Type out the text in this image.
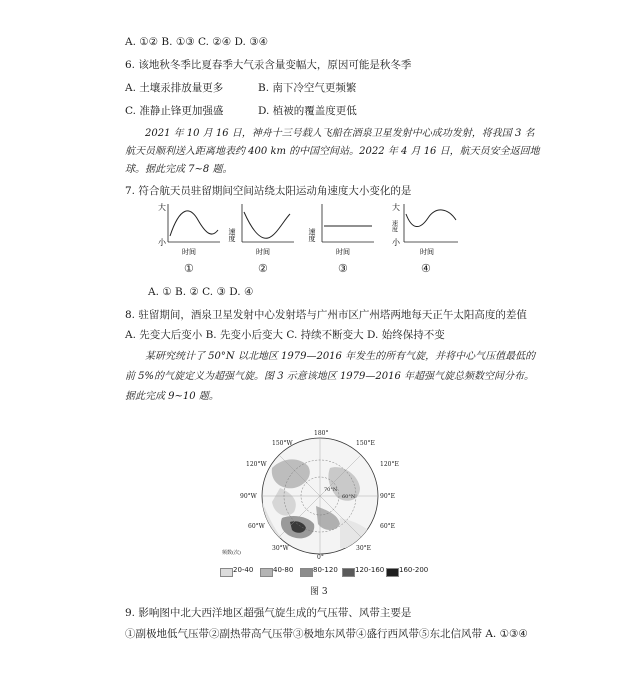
A. ①② B. ①③ C. ②④ D. ③④
6. 该地秋冬季比夏春季大气汞含量变幅大，原因可能是秋冬季
A. 土壤汞排放量更多	B. 南下冷空气更频繁
C. 准静止锋更加强盛	D. 植被的覆盖度更低
2021 年 10 月 16 日，神舟十三号载人飞船在酒泉卫星发射中心成功发射，将我国 3 名
航天员顺利送入距离地表约 400 km 的中国空间站。2022 年 4 月 16 日，航天员安全返回地
球。据此完成 7~8 题。
7. 符合航天员驻留期间空间站绕太阳运动角速度大小变化的是
大
小
时间
速度
时间
速度
时间
大
小
速度
时间
①	②	③	④
A. ① B. ② C. ③ D. ④
8. 驻留期间，酒泉卫星发射中心发射塔与广州市区广州塔两地每天正午太阳高度的差值
A. 先变大后变小 B. 先变小后变大 C. 持续不断变大 D. 始终保持不变
某研究统计了 50°N 以北地区 1979—2016 年发生的所有气旋，并将中心气压值最低的
前 5%的气旋定义为超强气旋。图 3 示意该地区 1979—2016 年超强气旋总频数空间分布。
据此完成 9~10 题。
180°
150°W	150°E
120°W	120°E
90°W	90°E
60°W	60°E
30°W	30°E
0°
70°N
60°N
频数(次)
20-40	40-80	80-120 120-160 160-200
图 3
9. 影响图中北大西洋地区超强气旋生成的气压带、风带主要是
①副极地低气压带②副热带高气压带③极地东风带④盛行西风带⑤东北信风带 A. ①③④
